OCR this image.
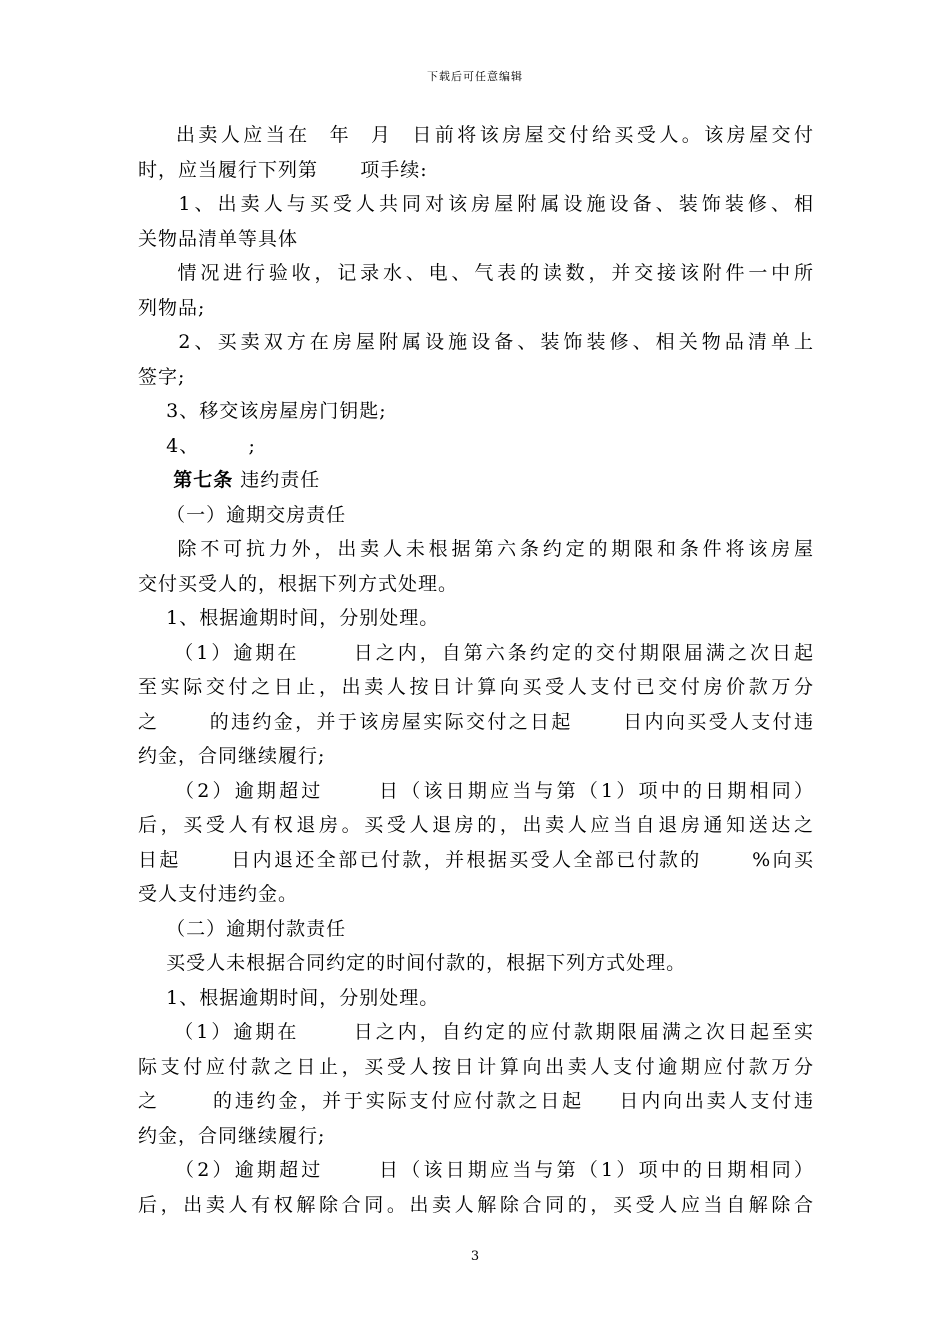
下载后可任意编辑
出卖人应当在  年  月  日前将该房屋交付给买受人。该房屋交付
时，应当履行下列第      项手续:
1、出卖人与买受人共同对该房屋附属设施设备、装饰装修、相
关物品清单等具体
情况进行验收，记录水、电、气表的读数，并交接该附件一中所
列物品;
2、买卖双方在房屋附属设施设备、装饰装修、相关物品清单上
签字;
3、移交该房屋房门钥匙;
4、       ;
第七条 违约责任
（一）逾期交房责任
除不可抗力外，出卖人未根据第六条约定的期限和条件将该房屋
交付买受人的，根据下列方式处理。
1、根据逾期时间，分别处理。
（1）逾期在      日之内，自第六条约定的交付期限届满之次日起
至实际交付之日止，出卖人按日计算向买受人支付已交付房价款万分
之      的违约金，并于该房屋实际交付之日起      日内向买受人支付违
约金，合同继续履行;
（2）逾期超过      日（该日期应当与第（1）项中的日期相同）
后，买受人有权退房。买受人退房的，出卖人应当自退房通知送达之
日起      日内退还全部已付款，并根据买受人全部已付款的      %向买
受人支付违约金。
（二）逾期付款责任
买受人未根据合同约定的时间付款的，根据下列方式处理。
1、根据逾期时间，分别处理。
（1）逾期在      日之内，自约定的应付款期限届满之次日起至实
际支付应付款之日止，买受人按日计算向出卖人支付逾期应付款万分
之      的违约金，并于实际支付应付款之日起    日内向出卖人支付违
约金，合同继续履行;
（2）逾期超过      日（该日期应当与第（1）项中的日期相同）
后，出卖人有权解除合同。出卖人解除合同的，买受人应当自解除合
3
